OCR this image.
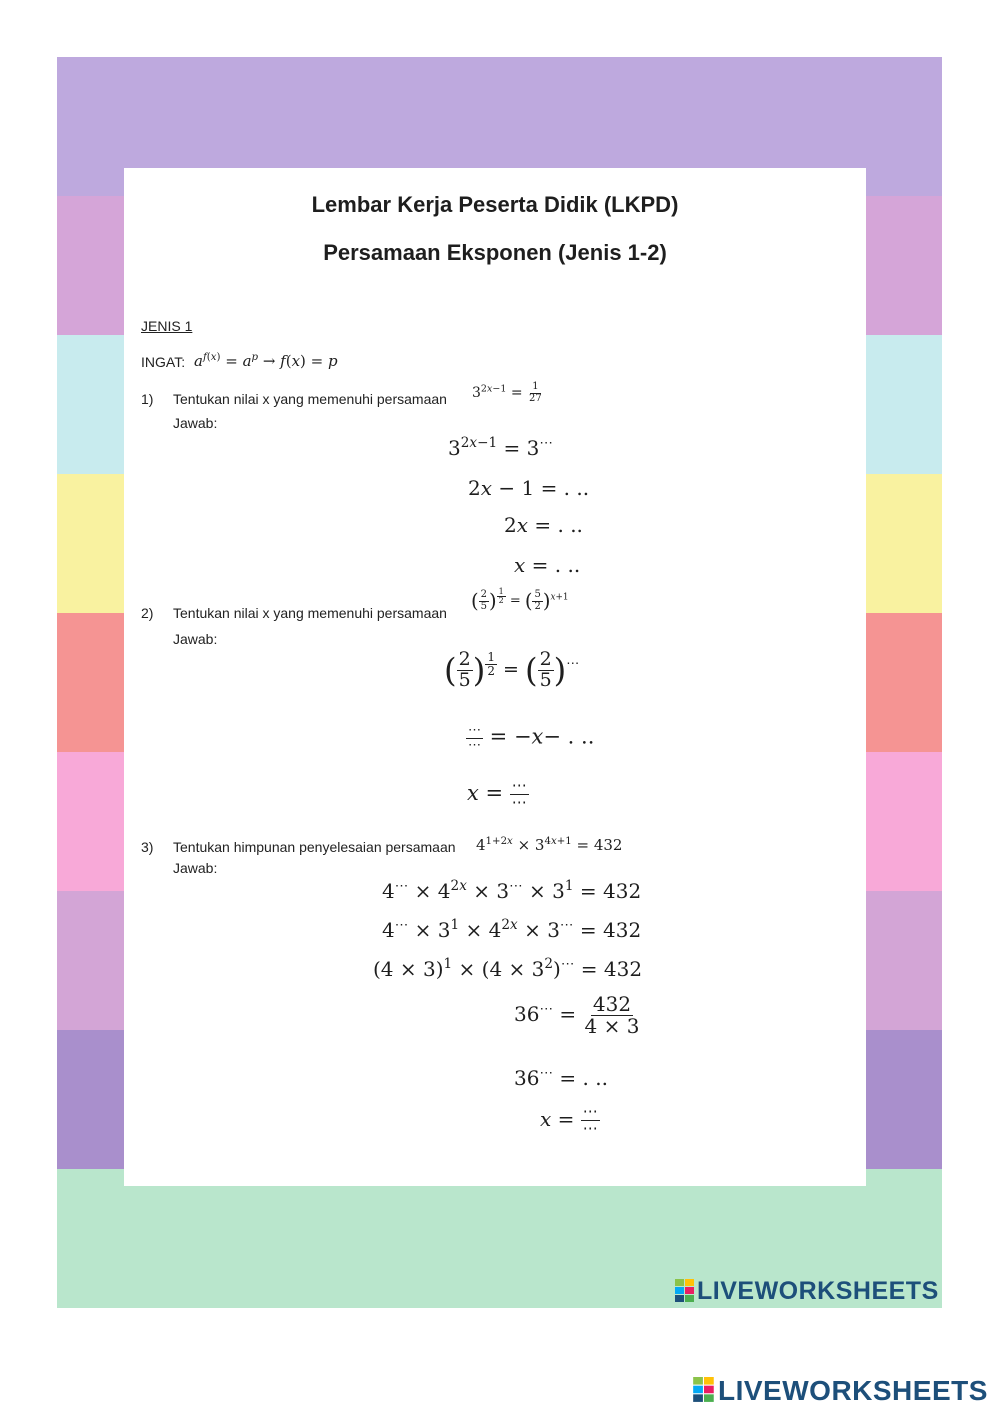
LIVEWORKSHEETS
Lembar Kerja Peserta Didik (LKPD)
Persamaan Eksponen (Jenis 1-2)
JENIS 1
INGAT: $a^{f(x)} = a^p \to f(x) = p$
1) Tentukan nilai x yang memenuhi persamaan $3^{2x-1} = \frac{1}{27}$
Jawab:
$3^{2x-1} = 3^\cdots$
2x − 1 = . ..
2x = . ..
x = . ..
2) Tentukan nilai x yang memenuhi persamaan
( $\frac{2}{5}$ ) $^{\frac{1}{2}}$ = ( $\frac{5}{2} )^{x+1}$
Jawab:
( $\frac{2}{5}$ ) $^{\frac{1}{2}}$ = ( $\frac{2}{5} )^\cdots$
$\frac{\cdots}{\cdots} = -x-$ . ..
$x = \frac{\cdots}{\cdots}$
3) Tentukan himpunan penyelesaian persamaan $4^{1+2x} \times 3^{4x+1} = 432$
Jawab:
$4^\cdots \times 4^{2x} \times 3^\cdots \times 3^1 = 432$
$4^\cdots \times 3^1 \times 4^{2x} \times 3^\cdots = 432$
$(4 \times 3)^1 \times (4 \times 3^2)^\cdots = 432$
$36^\cdots = \frac{432}{4 \times 3}$
36⋯ = . ..
$x = \frac{\cdots}{\cdots}$
LIVEWORKSHEETS
